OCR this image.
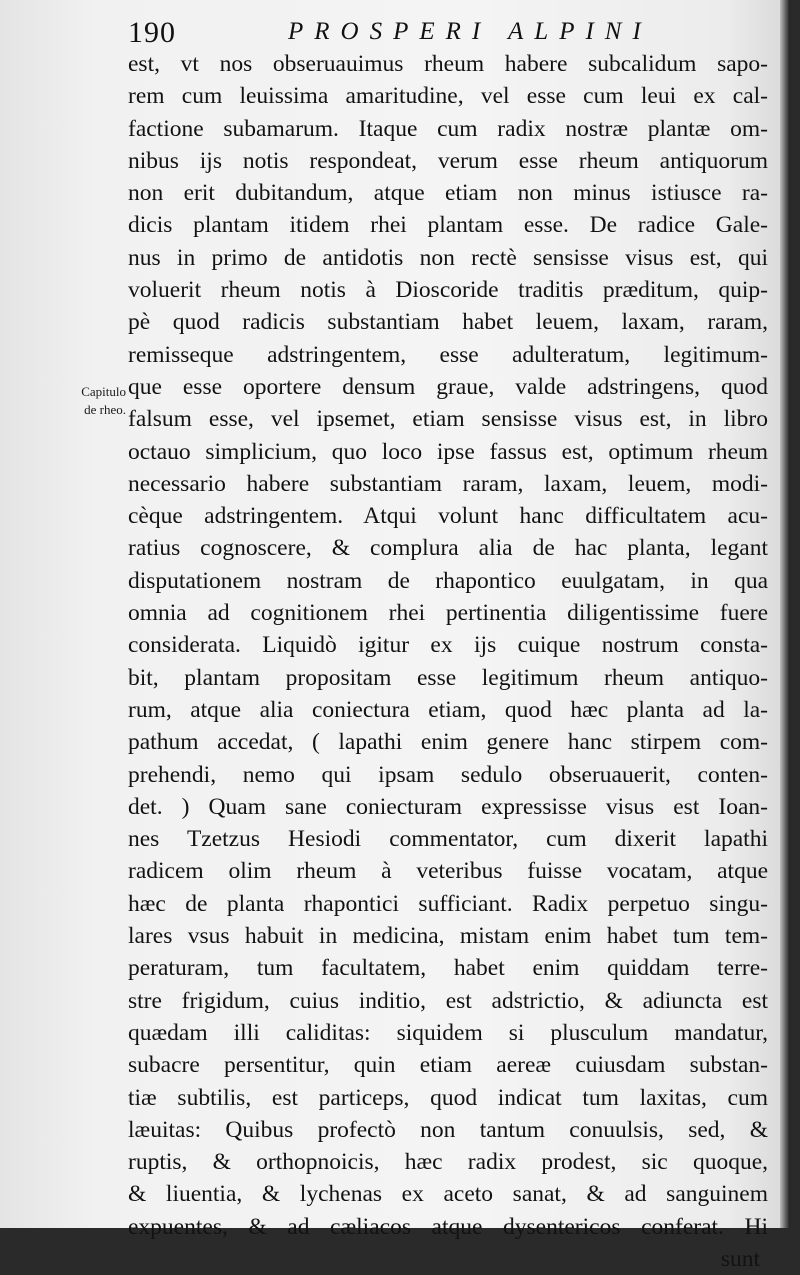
190	PROSPERI ALPINI
Capitulo
de rheo.
est, vt nos obseruauimus rheum habere subcalidum sapo-
rem cum leuissima amaritudine, vel esse cum leui ex cal-
factione subamarum. Itaque cum radix nostræ plantæ om-
nibus ijs notis respondeat, verum esse rheum antiquorum
non erit dubitandum, atque etiam non minus istiusce ra-
dicis plantam itidem rhei plantam esse. De radice Gale-
nus in primo de antidotis non rectè sensisse visus est, qui
voluerit rheum notis à Dioscoride traditis præditum, quip-
pè quod radicis substantiam habet leuem, laxam, raram,
remisseque adstringentem, esse adulteratum, legitimum-
que esse oportere densum graue, valde adstringens, quod
falsum esse, vel ipsemet, etiam sensisse visus est, in libro
octauo simplicium, quo loco ipse fassus est, optimum rheum
necessario habere substantiam raram, laxam, leuem, modi-
cèque adstringentem. Atqui volunt hanc difficultatem acu-
ratius cognoscere, & complura alia de hac planta, legant
disputationem nostram de rhapontico euulgatam, in qua
omnia ad cognitionem rhei pertinentia diligentissime fuere
considerata. Liquidò igitur ex ijs cuique nostrum consta-
bit, plantam propositam esse legitimum rheum antiquo-
rum, atque alia coniectura etiam, quod hæc planta ad la-
pathum accedat, ( lapathi enim genere hanc stirpem com-
prehendi, nemo qui ipsam sedulo obseruauerit, conten-
det. ) Quam sane coniecturam expressisse visus est Ioan-
nes Tzetzus Hesiodi commentator, cum dixerit lapathi
radicem olim rheum à veteribus fuisse vocatam, atque
hæc de planta rhapontici sufficiant. Radix perpetuo singu-
lares vsus habuit in medicina, mistam enim habet tum tem-
peraturam, tum facultatem, habet enim quiddam terre-
stre frigidum, cuius inditio, est adstrictio, & adiuncta est
quædam illi caliditas: siquidem si plusculum mandatur,
subacre persentitur, quin etiam aereæ cuiusdam substan-
tiæ subtilis, est particeps, quod indicat tum laxitas, cum
læuitas: Quibus profectò non tantum conuulsis, sed, &
ruptis, & orthopnoicis, hæc radix prodest, sic quoque,
& liuentia, & lychenas ex aceto sanat, & ad sanguinem
expuentes, & ad cæliacos atque dysentericos conferat. Hi
sunt
